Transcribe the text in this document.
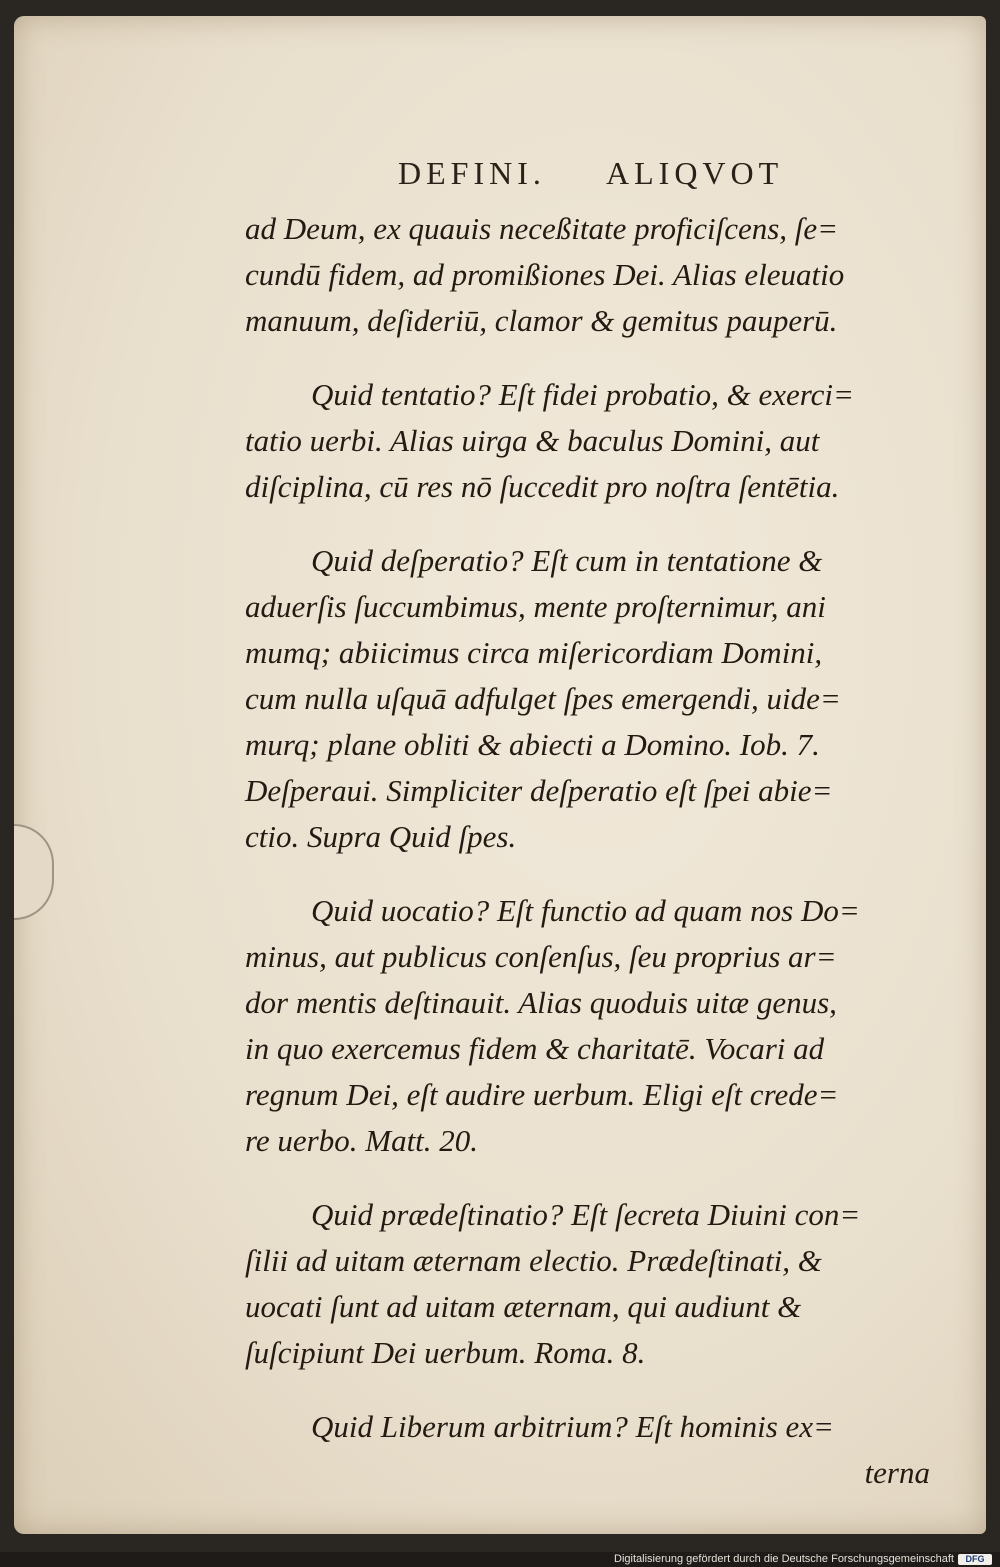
DEFINI. ALIQVOT
ad Deum, ex quauis neceßitate proficiſcens, ſe=
cundū fidem, ad promißiones Dei. Alias eleuatio
manuum, deſideriū, clamor & gemitus pauperū.
Quid tentatio? Eſt fidei probatio, & exerci=
tatio uerbi. Alias uirga & baculus Domini, aut
diſciplina, cū res nō ſuccedit pro noſtra ſentētia.
Quid deſperatio? Eſt cum in tentatione &
aduerſis ſuccumbimus, mente proſternimur, ani
mumq; abiicimus circa miſericordiam Domini,
cum nulla uſquā adfulget ſpes emergendi, uide=
murq; plane obliti & abiecti a Domino. Iob. 7.
Deſperaui. Simpliciter deſperatio eſt ſpei abie=
ctio. Supra Quid ſpes.
Quid uocatio? Eſt functio ad quam nos Do=
minus, aut publicus conſenſus, ſeu proprius ar=
dor mentis deſtinauit. Alias quoduis uitæ genus,
in quo exercemus fidem & charitatē. Vocari ad
regnum Dei, eſt audire uerbum. Eligi eſt crede=
re uerbo. Matt. 20.
Quid prædeſtinatio? Eſt ſecreta Diuini con=
ſilii ad uitam æternam electio. Prædeſtinati, &
uocati ſunt ad uitam æternam, qui audiunt &
ſuſcipiunt Dei uerbum. Roma. 8.
Quid Liberum arbitrium? Eſt hominis ex=
terna
Digitalisierung gefördert durch die Deutsche Forschungsgemeinschaft	DFG
